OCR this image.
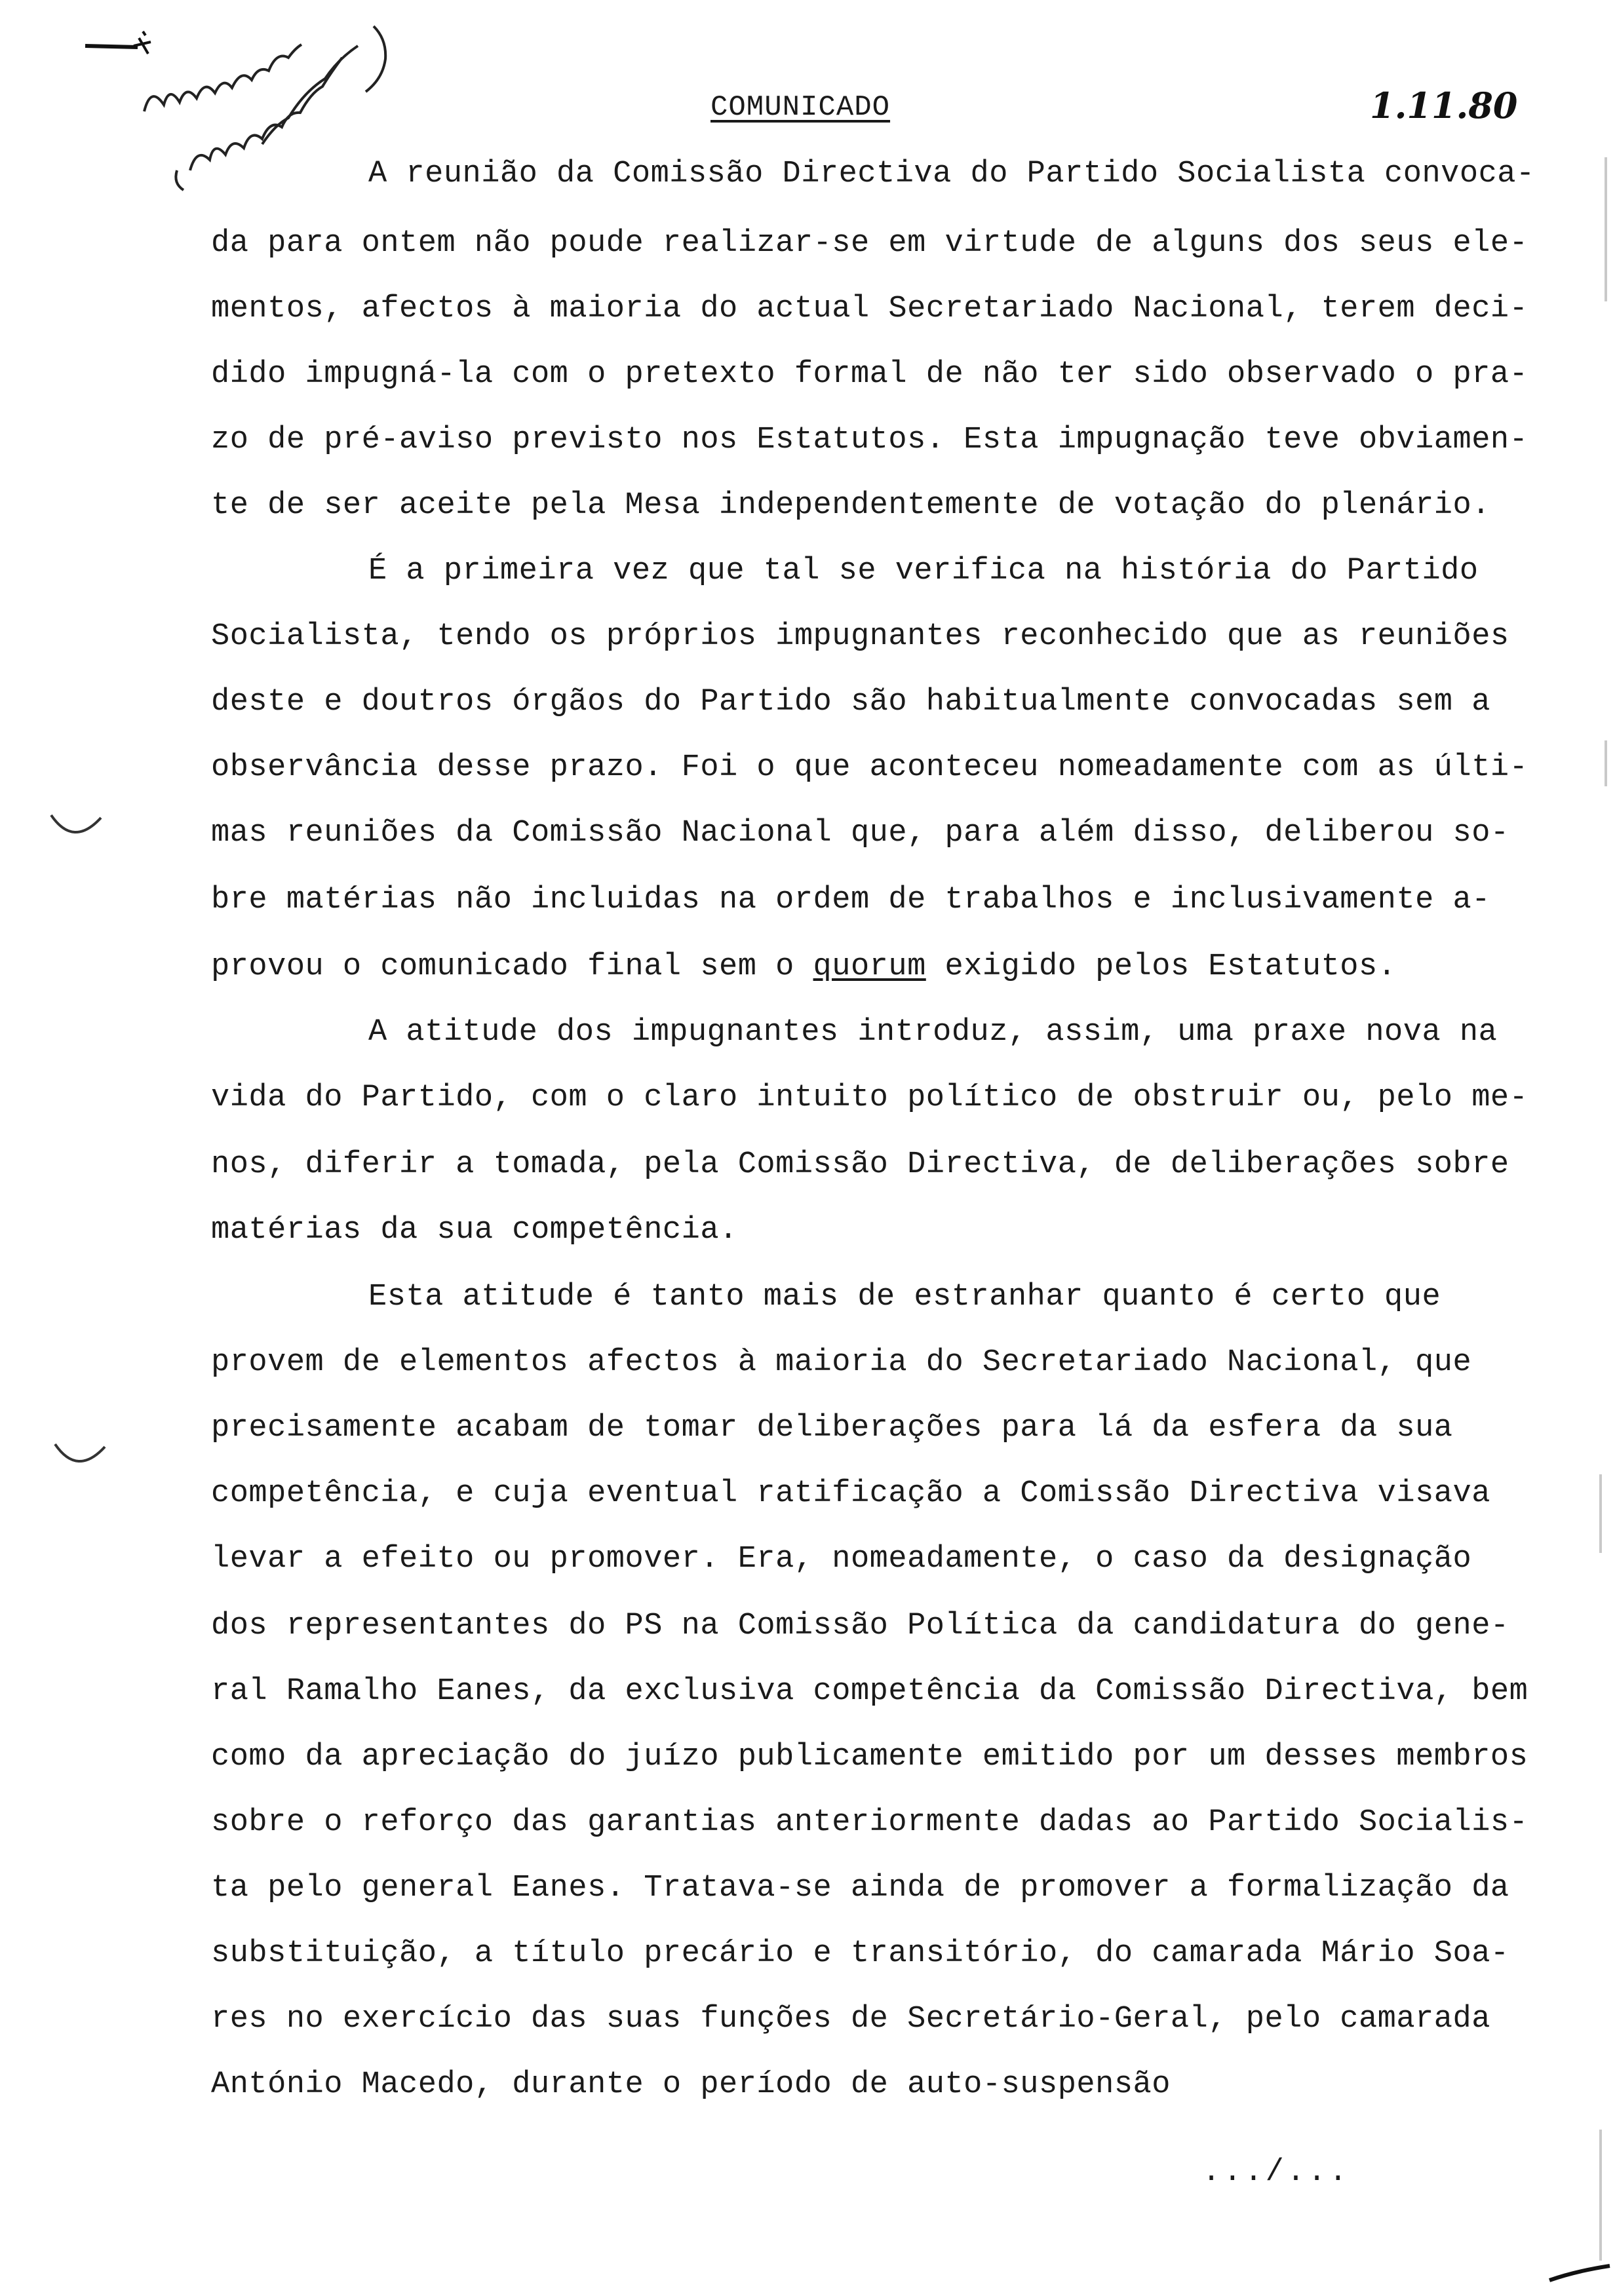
COMUNICADO	1.11.80
A reunião da Comissão Directiva do Partido Socialista convoca-
da para ontem não poude realizar-se em virtude de alguns dos seus ele-
mentos, afectos à maioria do actual Secretariado Nacional, terem deci-
dido impugná-la com o pretexto formal de não ter sido observado o pra-
zo de pré-aviso previsto nos Estatutos. Esta impugnação teve obviamen-
te de ser aceite pela Mesa independentemente de votação do plenário.
É a primeira vez que tal se verifica na história do Partido
Socialista, tendo os próprios impugnantes reconhecido que as reuniões
deste e doutros órgãos do Partido são habitualmente convocadas sem a
observância desse prazo. Foi o que aconteceu nomeadamente com as últi-
mas reuniões da Comissão Nacional que, para além disso, deliberou so-
bre matérias não incluidas na ordem de trabalhos e inclusivamente a-
provou o comunicado final sem o quorum exigido pelos Estatutos.
A atitude dos impugnantes introduz, assim, uma praxe nova na
vida do Partido, com o claro intuito político de obstruir ou, pelo me-
nos, diferir a tomada, pela Comissão Directiva, de deliberações sobre
matérias da sua competência.
Esta atitude é tanto mais de estranhar quanto é certo que
provem de elementos afectos à maioria do Secretariado Nacional, que
precisamente acabam de tomar deliberações para lá da esfera da sua
competência, e cuja eventual ratificação a Comissão Directiva visava
levar a efeito ou promover. Era, nomeadamente, o caso da designação
dos representantes do PS na Comissão Política da candidatura do gene-
ral Ramalho Eanes, da exclusiva competência da Comissão Directiva, bem
como da apreciação do juízo publicamente emitido por um desses membros
sobre o reforço das garantias anteriormente dadas ao Partido Socialis-
ta pelo general Eanes. Tratava-se ainda de promover a formalização da
substituição, a título precário e transitório, do camarada Mário Soa-
res no exercício das suas funções de Secretário-Geral, pelo camarada
António Macedo, durante o período de auto-suspensão
.../...
